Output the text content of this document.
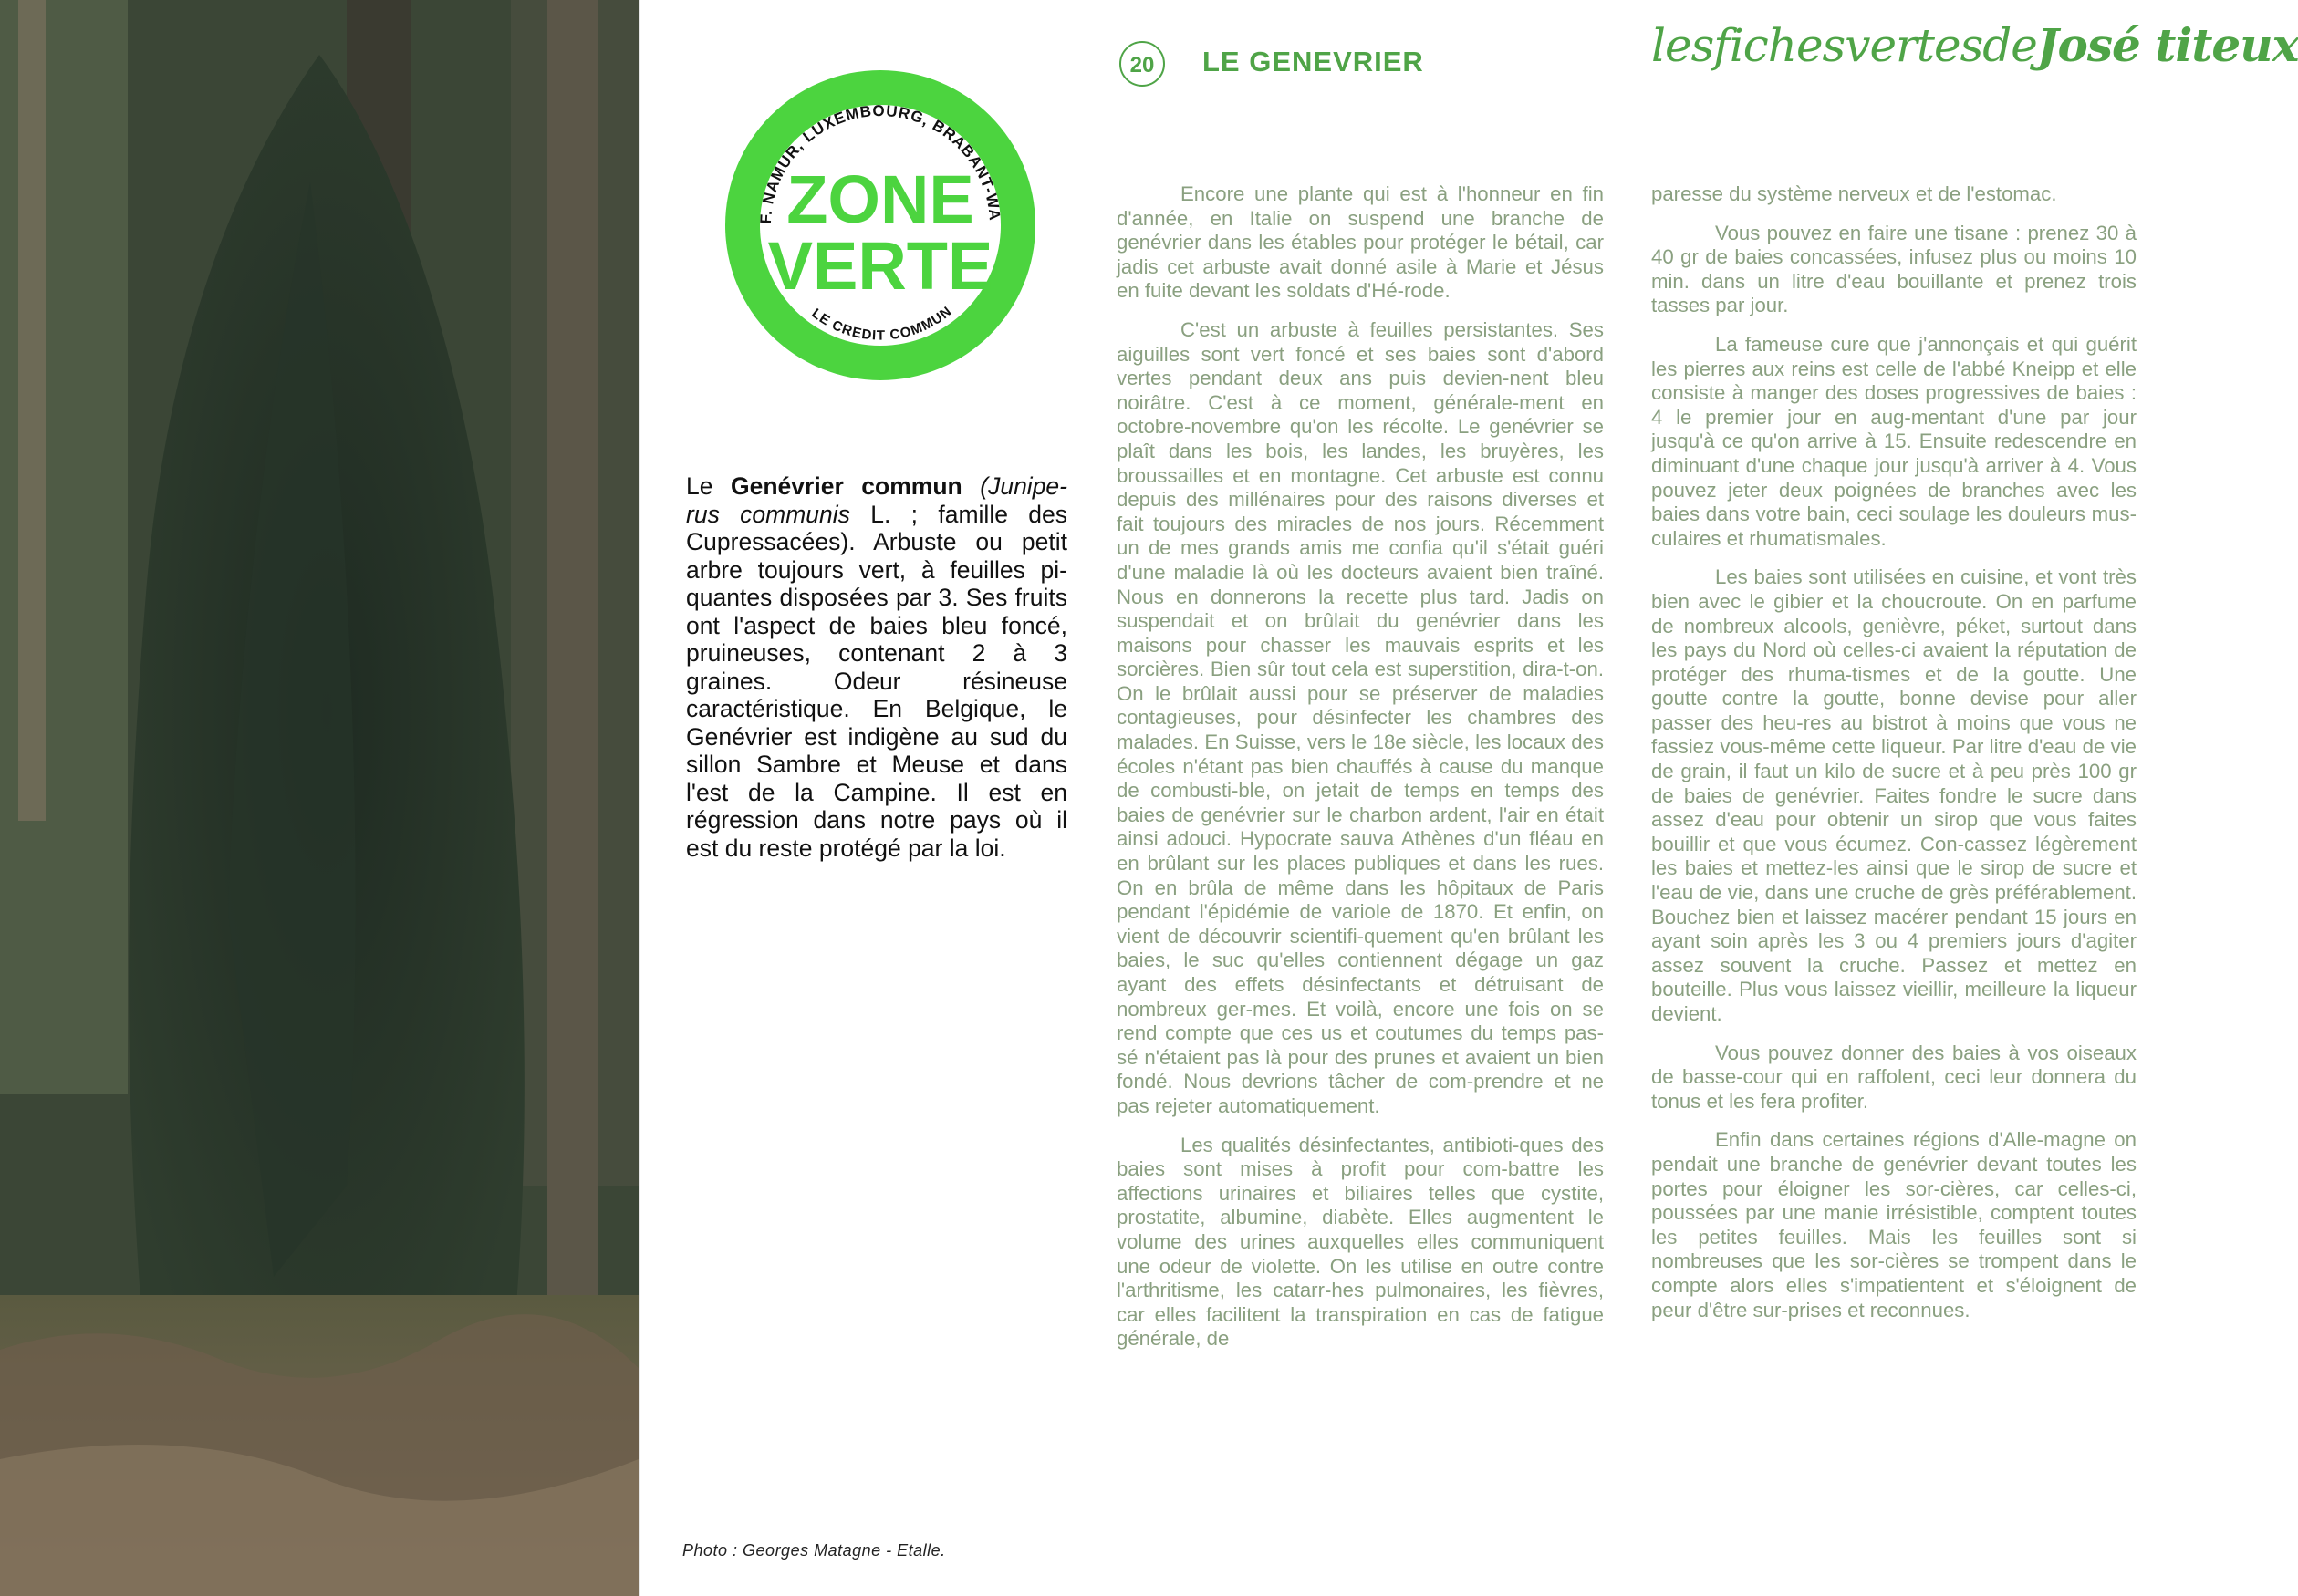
F. NAMUR, LUXEMBOURG, BRABANT-WA
LE CREDIT COMMUN
ZONE
VERTE
Le Genévrier commun (Junipe-rus communis L. ; famille des Cupressacées). Arbuste ou petit arbre toujours vert, à feuilles pi-quantes disposées par 3. Ses fruits ont l'aspect de baies bleu foncé, pruineuses, contenant 2 à 3 graines. Odeur résineuse caractéristique. En Belgique, le Genévrier est indigène au sud du sillon Sambre et Meuse et dans l'est de la Campine. Il est en régression dans notre pays où il est du reste protégé par la loi.
Photo : Georges Matagne - Etalle.
20	LE GENEVRIER	lesfichesvertesdeJosé titeux

Encore une plante qui est à l'honneur en fin d'année, en Italie on suspend une branche de genévrier dans les étables pour protéger le bétail, car jadis cet arbuste avait donné asile à Marie et Jésus en fuite devant les soldats d'Hé-rode.

C'est un arbuste à feuilles persistantes. Ses aiguilles sont vert foncé et ses baies sont d'abord vertes pendant deux ans puis devien-nent bleu noirâtre. C'est à ce moment, générale-ment en octobre-novembre qu'on les récolte. Le genévrier se plaît dans les bois, les landes, les bruyères, les broussailles et en montagne. Cet arbuste est connu depuis des millénaires pour des raisons diverses et fait toujours des miracles de nos jours. Récemment un de mes grands amis me confia qu'il s'était guéri d'une maladie là où les docteurs avaient bien traîné. Nous en donnerons la recette plus tard. Jadis on suspendait et on brûlait du genévrier dans les maisons pour chasser les mauvais esprits et les sorcières. Bien sûr tout cela est superstition, dira-t-on. On le brûlait aussi pour se préserver de maladies contagieuses, pour désinfecter les chambres des malades. En Suisse, vers le 18e siècle, les locaux des écoles n'étant pas bien chauffés à cause du manque de combusti-ble, on jetait de temps en temps des baies de genévrier sur le charbon ardent, l'air en était ainsi adouci. Hypocrate sauva Athènes d'un fléau en en brûlant sur les places publiques et dans les rues. On en brûla de même dans les hôpitaux de Paris pendant l'épidémie de variole de 1870. Et enfin, on vient de découvrir scientifi-quement qu'en brûlant les baies, le suc qu'elles contiennent dégage un gaz ayant des effets désinfectants et détruisant de nombreux ger-mes. Et voilà, encore une fois on se rend compte que ces us et coutumes du temps pas-sé n'étaient pas là pour des prunes et avaient un bien fondé. Nous devrions tâcher de com-prendre et ne pas rejeter automatiquement.

Les qualités désinfectantes, antibioti-ques des baies sont mises à profit pour com-battre les affections urinaires et biliaires telles que cystite, prostatite, albumine, diabète. Elles augmentent le volume des urines auxquelles elles communiquent une odeur de violette. On les utilise en outre contre l'arthritisme, les catarr-hes pulmonaires, les fièvres, car elles facilitent la transpiration en cas de fatigue générale, de

paresse du système nerveux et de l'estomac.

Vous pouvez en faire une tisane : prenez 30 à 40 gr de baies concassées, infusez plus ou moins 10 min. dans un litre d'eau bouillante et prenez trois tasses par jour.

La fameuse cure que j'annonçais et qui guérit les pierres aux reins est celle de l'abbé Kneipp et elle consiste à manger des doses progressives de baies : 4 le premier jour en aug-mentant d'une par jour jusqu'à ce qu'on arrive à 15. Ensuite redescendre en diminuant d'une chaque jour jusqu'à arriver à 4. Vous pouvez jeter deux poignées de branches avec les baies dans votre bain, ceci soulage les douleurs mus-culaires et rhumatismales.

Les baies sont utilisées en cuisine, et vont très bien avec le gibier et la choucroute. On en parfume de nombreux alcools, genièvre, péket, surtout dans les pays du Nord où celles-ci avaient la réputation de protéger des rhuma-tismes et de la goutte. Une goutte contre la goutte, bonne devise pour aller passer des heu-res au bistrot à moins que vous ne fassiez vous-même cette liqueur. Par litre d'eau de vie de grain, il faut un kilo de sucre et à peu près 100 gr de baies de genévrier. Faites fondre le sucre dans assez d'eau pour obtenir un sirop que vous faites bouillir et que vous écumez. Con-cassez légèrement les baies et mettez-les ainsi que le sirop de sucre et l'eau de vie, dans une cruche de grès préférablement. Bouchez bien et laissez macérer pendant 15 jours en ayant soin après les 3 ou 4 premiers jours d'agiter assez souvent la cruche. Passez et mettez en bouteille. Plus vous laissez vieillir, meilleure la liqueur devient.

Vous pouvez donner des baies à vos oiseaux de basse-cour qui en raffolent, ceci leur donnera du tonus et les fera profiter.

Enfin dans certaines régions d'Alle-magne on pendait une branche de genévrier devant toutes les portes pour éloigner les sor-cières, car celles-ci, poussées par une manie irrésistible, comptent toutes les petites feuilles. Mais les feuilles sont si nombreuses que les sor-cières se trompent dans le compte alors elles s'impatientent et s'éloignent de peur d'être sur-prises et reconnues.
